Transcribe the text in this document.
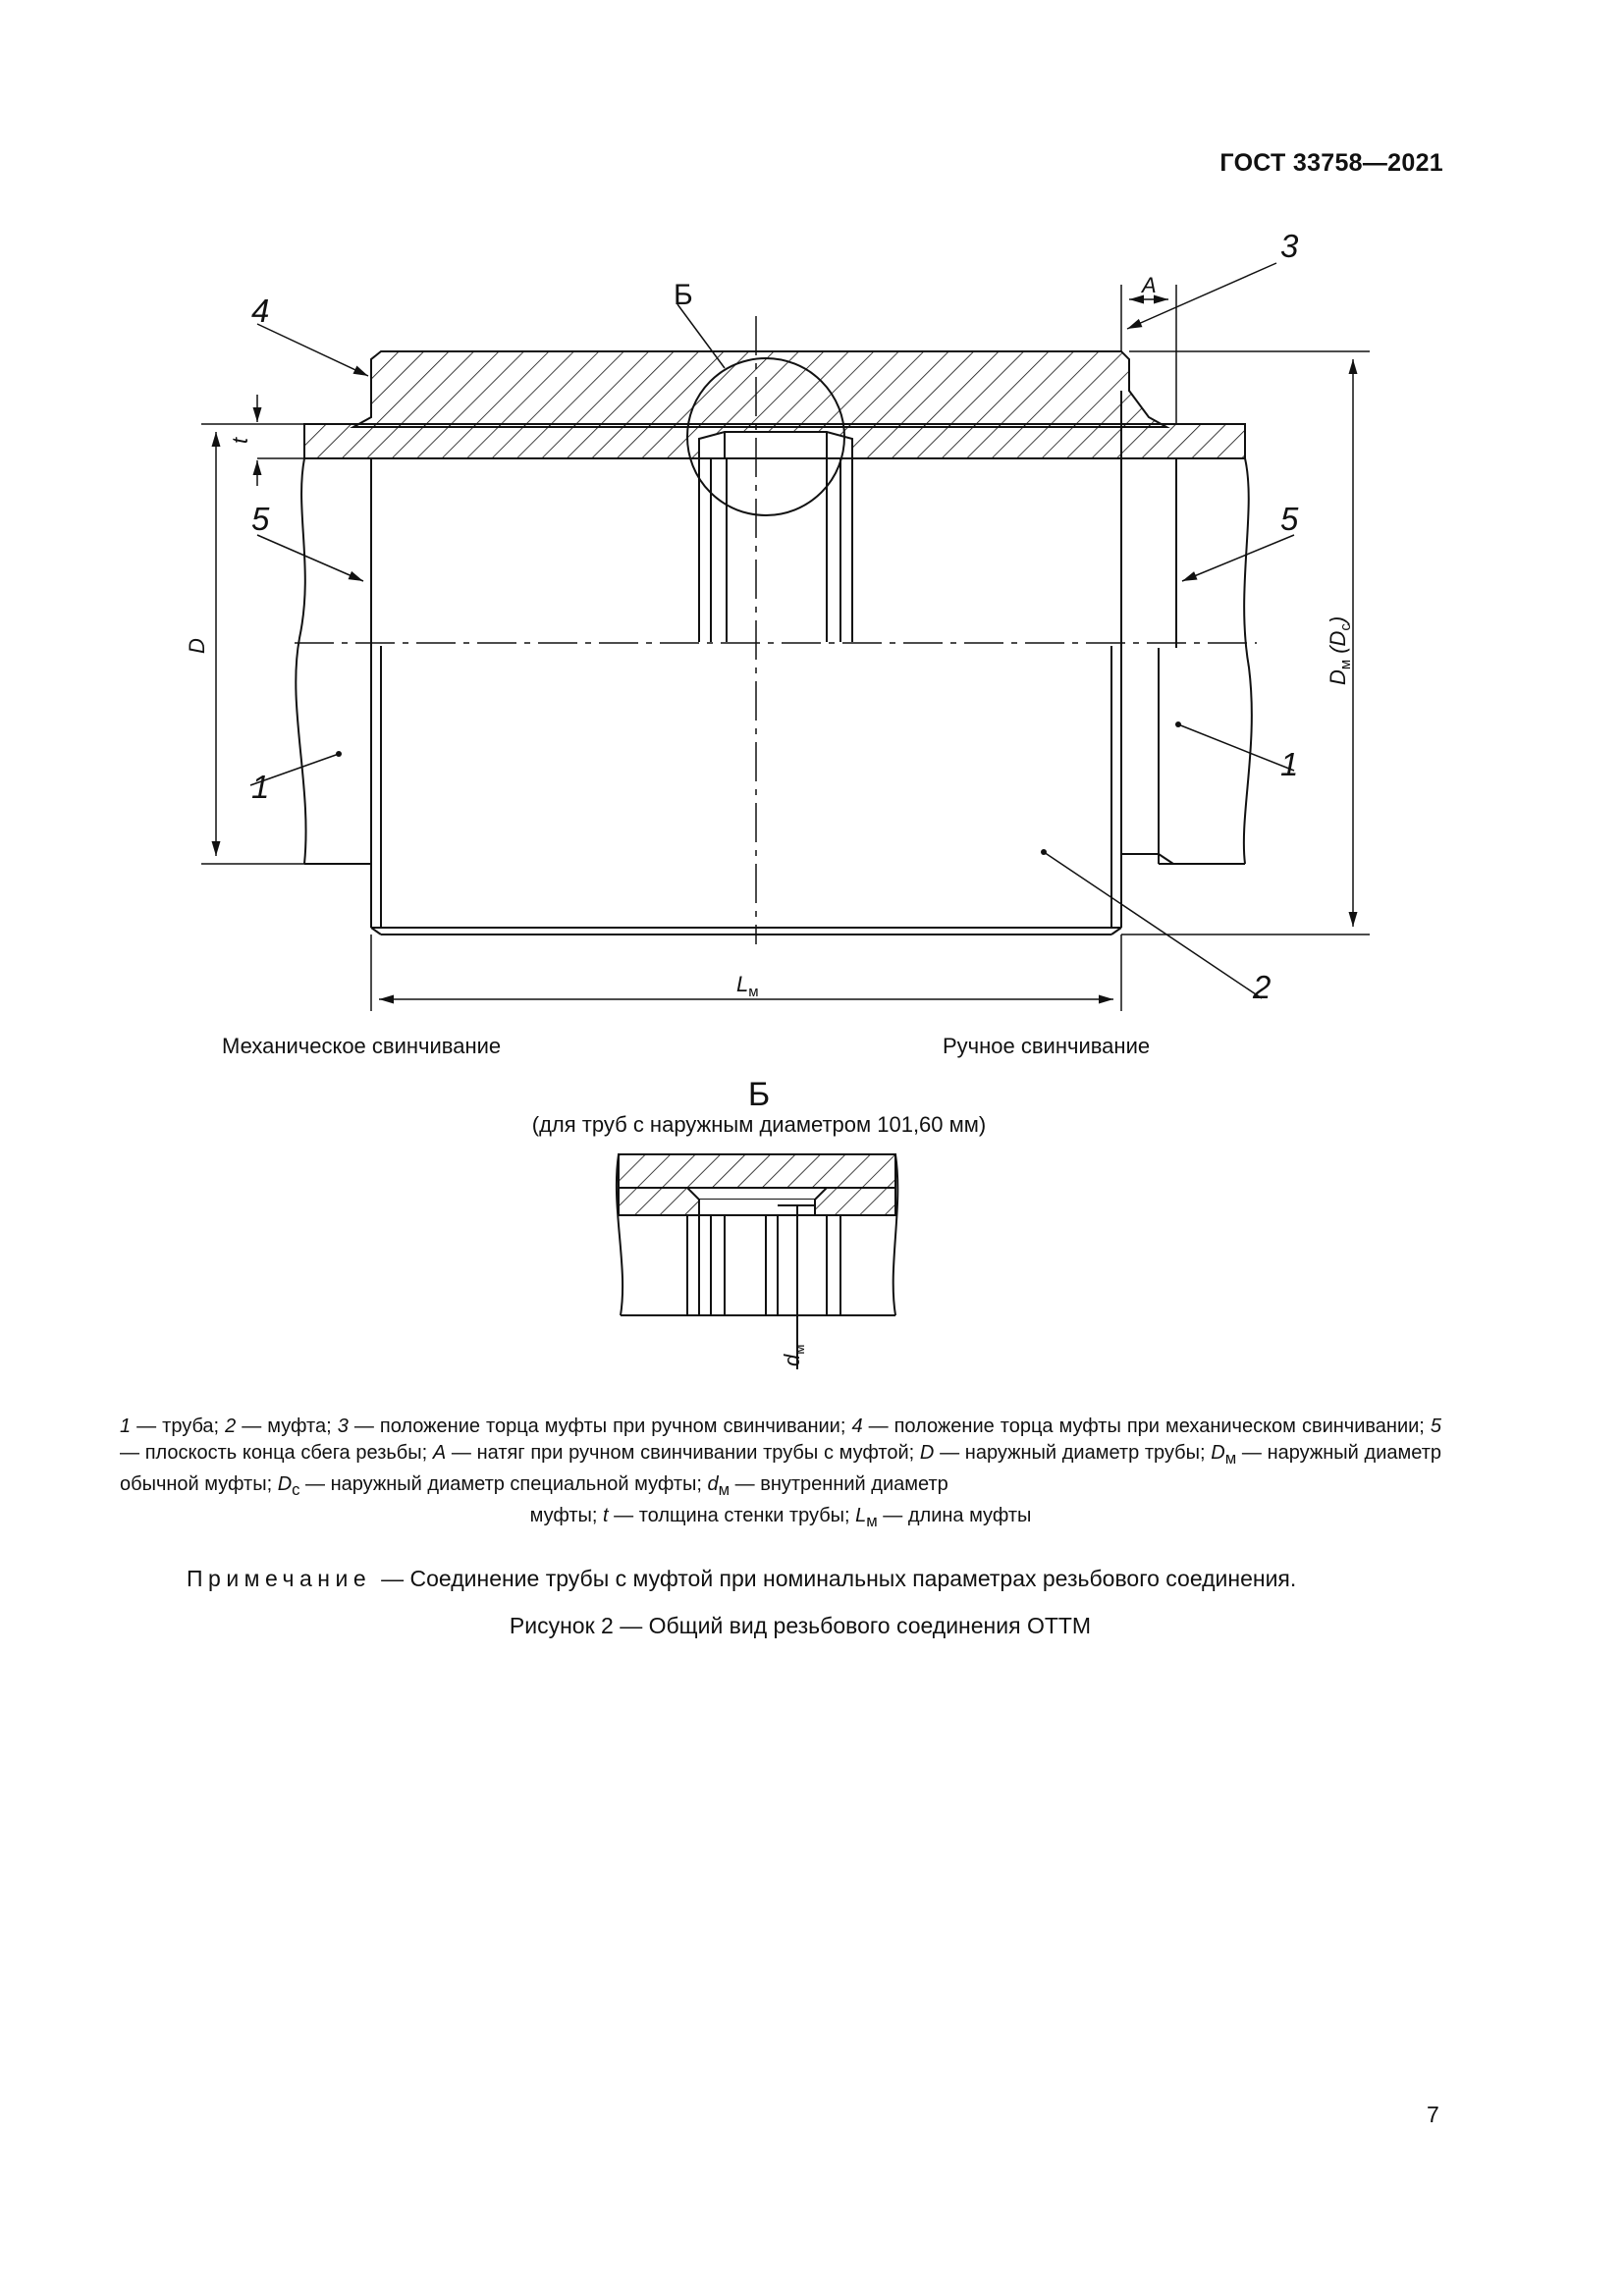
ГОСТ 33758—2021
3
4
5	5
1
1
2
Б	A
t
D
$L_м$
$D_м(D_c)$
$d_м$
Механическое свинчивание	Ручное свинчивание
Б
(для труб с наружным диаметром 101,60 мм)
1 — труба; 2 — муфта; 3 — положение торца муфты при ручном свинчивании; 4 — положение торца муфты при механическом свинчивании; 5 — плоскость конца сбега резьбы; A — натяг при ручном свинчивании трубы с муфтой; D — наружный диаметр трубы; $D_м$ — наружный диаметр обычной муфты; $D_c$ — наружный диаметр специальной муфты; $d_м$ — внутренний диаметр
муфты; t — толщина стенки трубы; $L_м$ — длина муфты
Примечание — Соединение трубы с муфтой при номинальных параметрах резьбового соединения.
Рисунок 2 — Общий вид резьбового соединения ОТТМ
7
